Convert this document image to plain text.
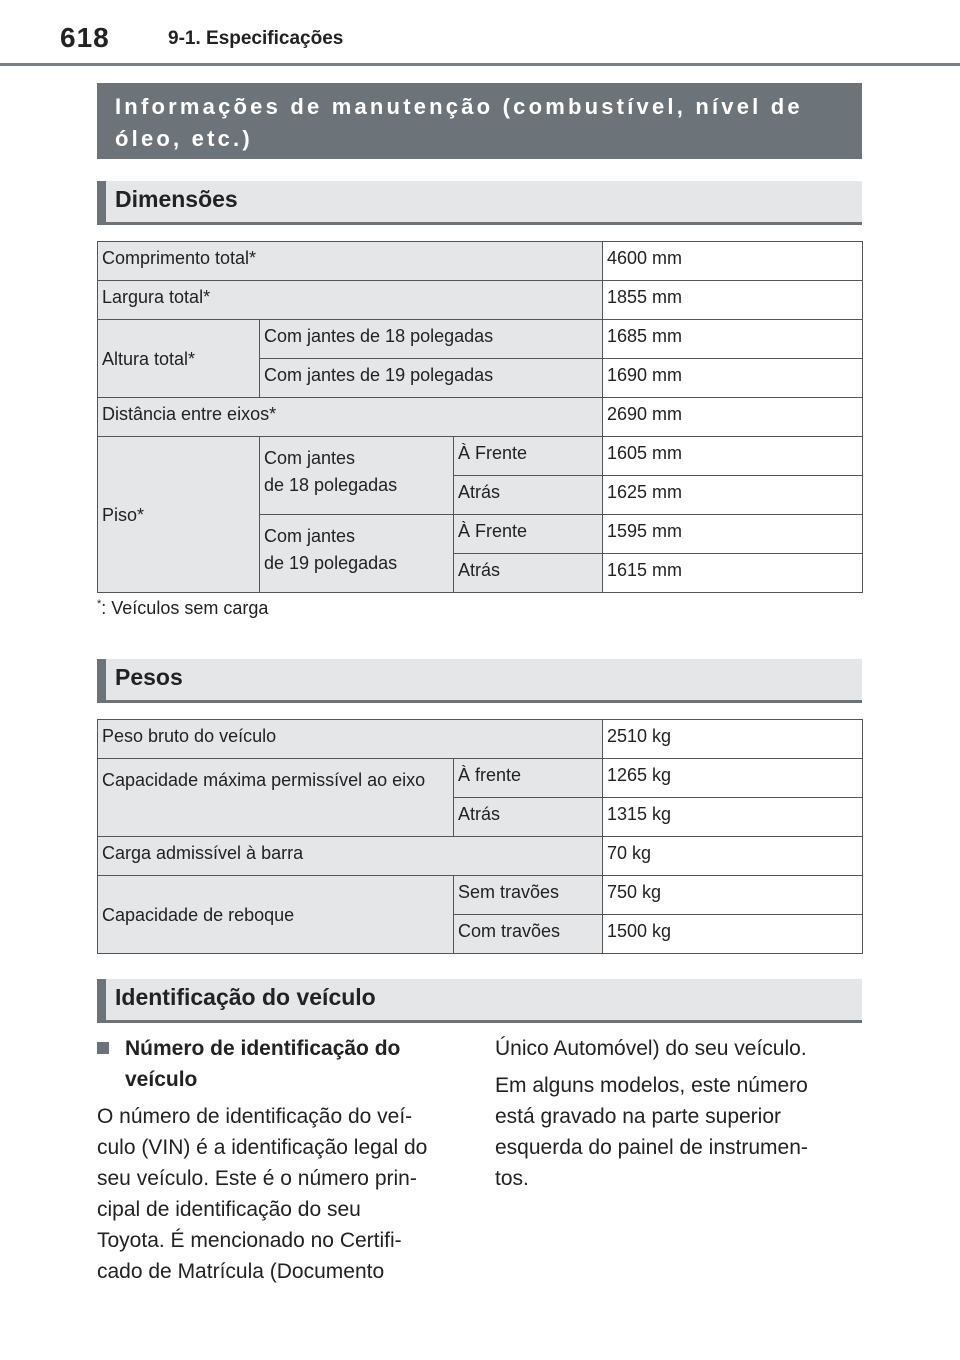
618	9-1. Especificações
Informações de manutenção (combustível, nível de óleo, etc.)
Dimensões
Comprimento total*			4600 mm
Largura total*			1855 mm
Altura total*	Com jantes de 18 polegadas		1685 mm
	Com jantes de 19 polegadas		1690 mm
Distância entre eixos*			2690 mm
Piso*	Com jantes
de 18 polegadas	À Frente	1605 mm
		Atrás	1625 mm
	Com jantes
de 19 polegadas	À Frente	1595 mm
		Atrás	1615 mm
*: Veículos sem carga
Pesos
Peso bruto do veículo		2510 kg
Capacidade máxima permissível ao eixo	À frente	1265 kg
	Atrás	1315 kg
Carga admissível à barra		70 kg
Capacidade de reboque	Sem travões	750 kg
	Com travões	1500 kg
Identificação do veículo
Número de identificação do
veículo

O número de identificação do veí-
culo (VIN) é a identificação legal do
seu veículo. Este é o número prin-
cipal de identificação do seu
Toyota. É mencionado no Certifi-
cado de Matrícula (Documento

Único Automóvel) do seu veículo.

Em alguns modelos, este número
está gravado na parte superior
esquerda do painel de instrumen-
tos.
